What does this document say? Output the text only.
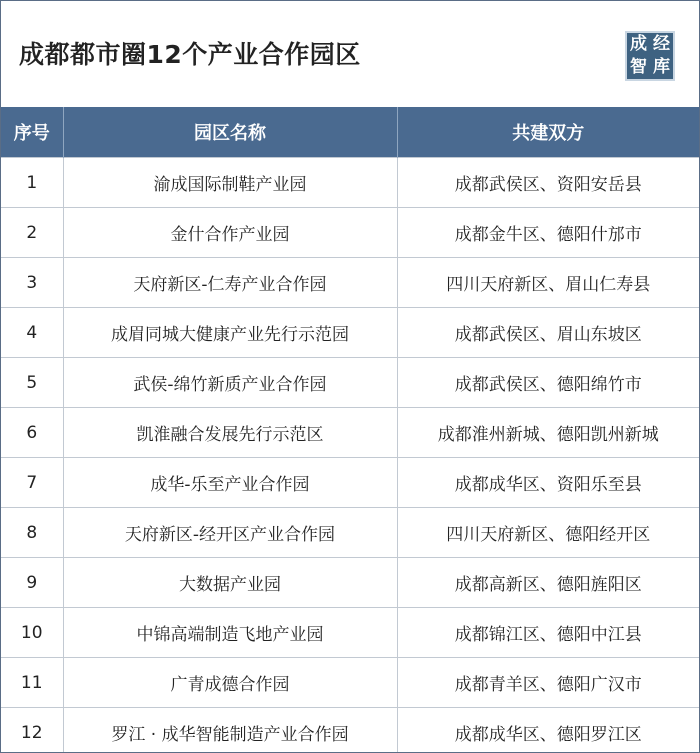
成都都市圈12个产业合作园区	成 经
智 库
序号	园区名称	共建双方
1	渝成国际制鞋产业园	成都武侯区、资阳安岳县
2	金什合作产业园	成都金牛区、德阳什邡市
3	天府新区-仁寿产业合作园	四川天府新区、眉山仁寿县
4	成眉同城大健康产业先行示范园	成都武侯区、眉山东坡区
5	武侯-绵竹新质产业合作园	成都武侯区、德阳绵竹市
6	凯淮融合发展先行示范区	成都淮州新城、德阳凯州新城
7	成华-乐至产业合作园	成都成华区、资阳乐至县
8	天府新区-经开区产业合作园	四川天府新区、德阳经开区
9	大数据产业园	成都高新区、德阳旌阳区
10	中锦高端制造飞地产业园	成都锦江区、德阳中江县
11	广青成德合作园	成都青羊区、德阳广汉市
12	罗江 · 成华智能制造产业合作园	成都成华区、德阳罗江区
